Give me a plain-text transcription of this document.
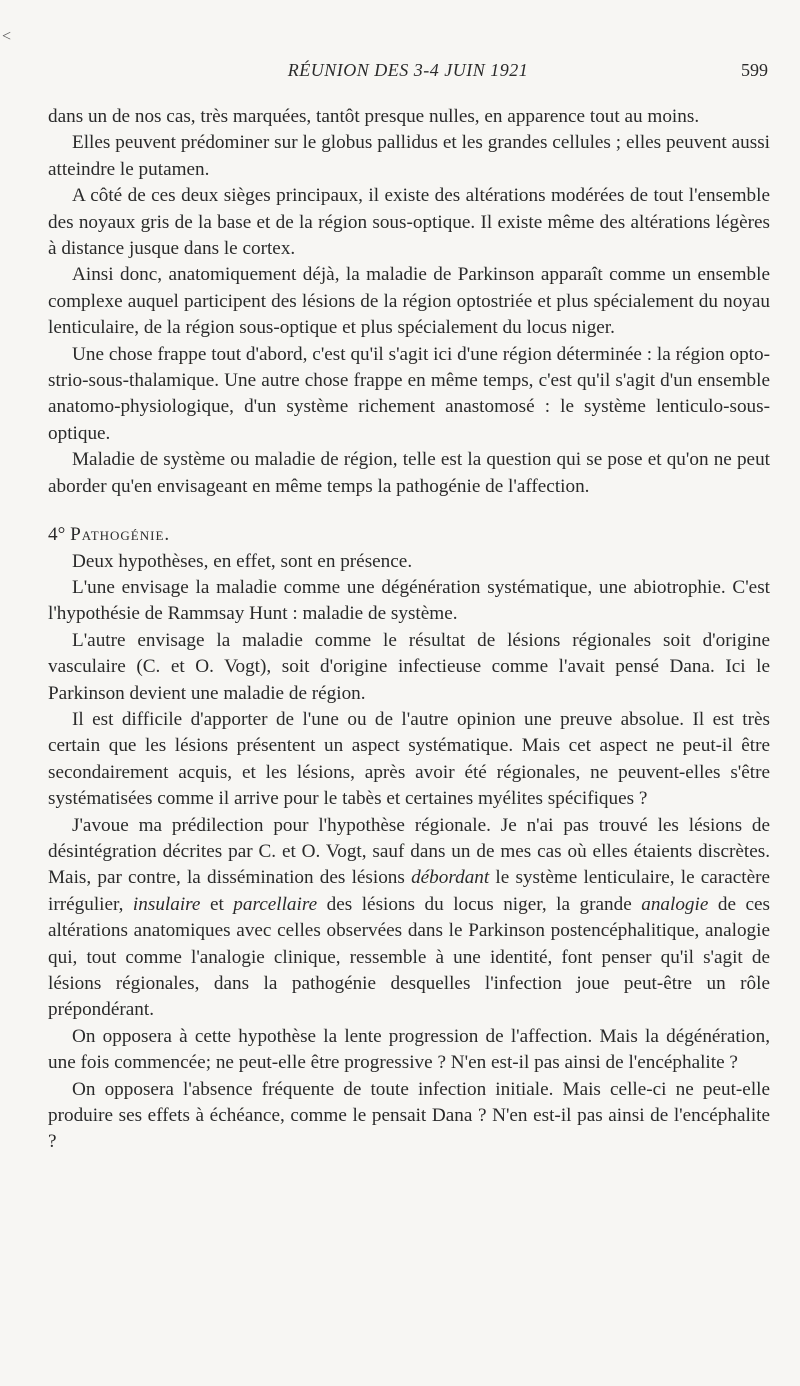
<
RÉUNION DES 3-4 JUIN 1921	599

dans un de nos cas, très marquées, tantôt presque nulles, en apparence tout au moins.

Elles peuvent prédominer sur le globus pallidus et les grandes cellules ; elles peuvent aussi atteindre le putamen.

A côté de ces deux sièges principaux, il existe des altérations modérées de tout l'ensemble des noyaux gris de la base et de la région sous-optique. Il existe même des altérations légères à distance jusque dans le cortex.

Ainsi donc, anatomiquement déjà, la maladie de Parkinson apparaît comme un ensemble complexe auquel participent des lésions de la région optostriée et plus spécialement du noyau lenticulaire, de la région sous-optique et plus spécialement du locus niger.

Une chose frappe tout d'abord, c'est qu'il s'agit ici d'une région déterminée : la région opto-strio-sous-thalamique. Une autre chose frappe en même temps, c'est qu'il s'agit d'un ensemble anatomo-physiologique, d'un système richement anastomosé : le système lenticulo-sous-optique.

Maladie de système ou maladie de région, telle est la question qui se pose et qu'on ne peut aborder qu'en envisageant en même temps la pathogénie de l'affection.

4° Pathogénie.

Deux hypothèses, en effet, sont en présence.

L'une envisage la maladie comme une dégénération systématique, une abiotrophie. C'est l'hypothésie de Rammsay Hunt : maladie de système.

L'autre envisage la maladie comme le résultat de lésions régionales soit d'origine vasculaire (C. et O. Vogt), soit d'origine infectieuse comme l'avait pensé Dana. Ici le Parkinson devient une maladie de région.

Il est difficile d'apporter de l'une ou de l'autre opinion une preuve absolue. Il est très certain que les lésions présentent un aspect systématique. Mais cet aspect ne peut-il être secondairement acquis, et les lésions, après avoir été régionales, ne peuvent-elles s'être systématisées comme il arrive pour le tabès et certaines myélites spécifiques ?

J'avoue ma prédilection pour l'hypothèse régionale. Je n'ai pas trouvé les lésions de désintégration décrites par C. et O. Vogt, sauf dans un de mes cas où elles étaients discrètes. Mais, par contre, la dissémination des lésions débordant le système lenticulaire, le caractère irrégulier, insulaire et parcellaire des lésions du locus niger, la grande analogie de ces altérations anatomiques avec celles observées dans le Parkinson postencéphalitique, analogie qui, tout comme l'analogie clinique, ressemble à une identité, font penser qu'il s'agit de lésions régionales, dans la pathogénie desquelles l'infection joue peut-être un rôle prépondérant.

On opposera à cette hypothèse la lente progression de l'affection. Mais la dégénération, une fois commencée; ne peut-elle être progressive ? N'en est-il pas ainsi de l'encéphalite ?

On opposera l'absence fréquente de toute infection initiale. Mais celle-ci ne peut-elle produire ses effets à échéance, comme le pensait Dana ? N'en est-il pas ainsi de l'encéphalite ?
